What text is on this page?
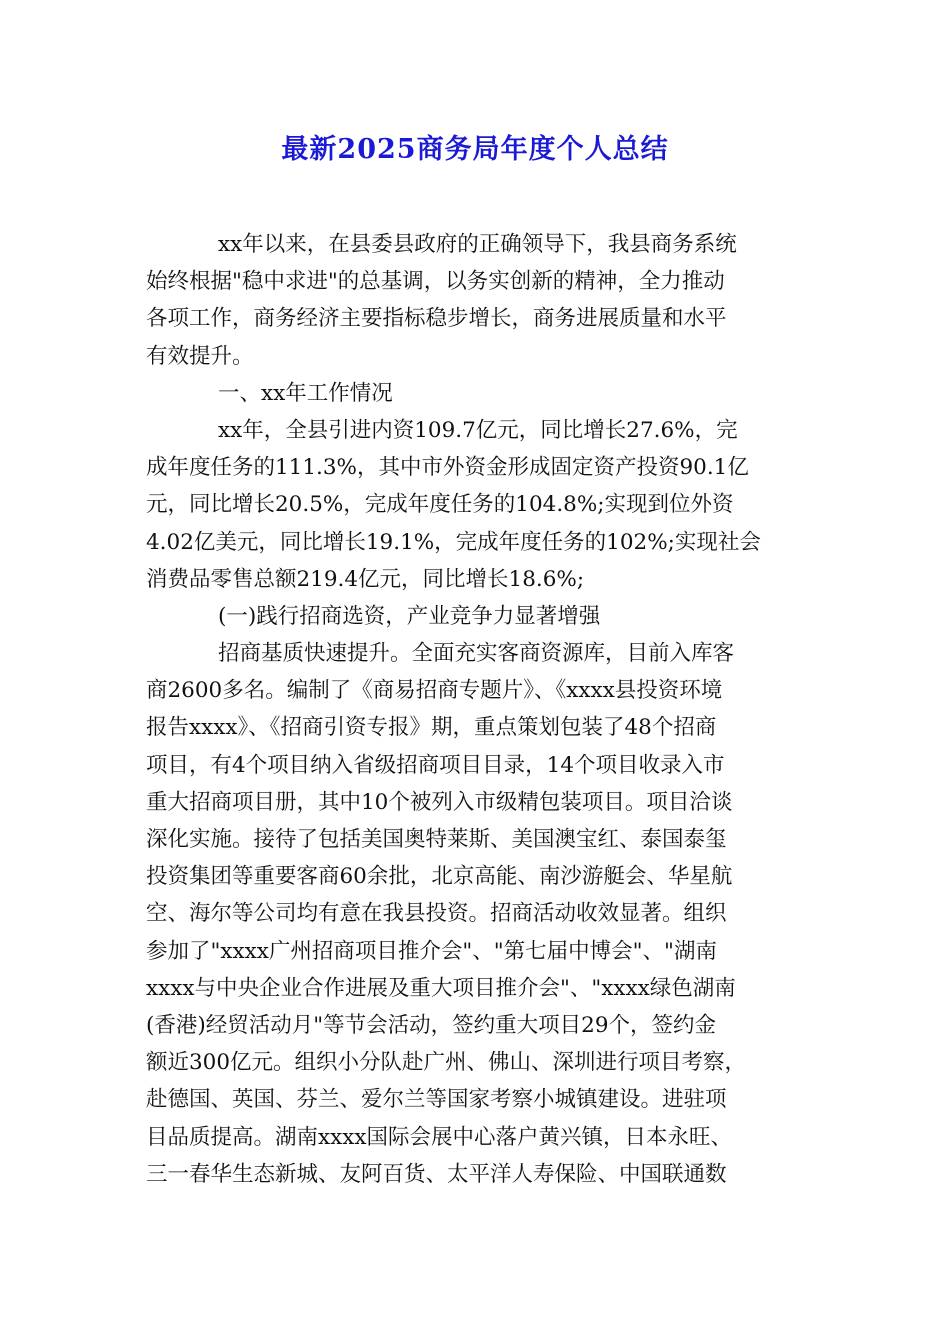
最新2025商务局年度个人总结
xx年以来，在县委县政府的正确领导下，我县商务系统
始终根据"稳中求进"的总基调，以务实创新的精神，全力推动
各项工作，商务经济主要指标稳步增长，商务进展质量和水平
有效提升。
一、xx年工作情况
xx年，全县引进内资109.7亿元，同比增长27.6%，完
成年度任务的111.3%，其中市外资金形成固定资产投资90.1亿
元，同比增长20.5%，完成年度任务的104.8%;实现到位外资
4.02亿美元，同比增长19.1%，完成年度任务的102%;实现社会
消费品零售总额219.4亿元，同比增长18.6%;
(一)践行招商选资，产业竞争力显著增强
招商基质快速提升。全面充实客商资源库，目前入库客
商2600多名。编制了《商易招商专题片》、《xxxx县投资环境
报告xxxx》、《招商引资专报》期，重点策划包装了48个招商
项目，有4个项目纳入省级招商项目目录，14个项目收录入市
重大招商项目册，其中10个被列入市级精包装项目。项目洽谈
深化实施。接待了包括美国奥特莱斯、美国澳宝红、泰国泰玺
投资集团等重要客商60余批，北京高能、南沙游艇会、华星航
空、海尔等公司均有意在我县投资。招商活动收效显著。组织
参加了"xxxx广州招商项目推介会"、"第七届中博会"、"湖南
xxxx与中央企业合作进展及重大项目推介会"、"xxxx绿色湖南
(香港)经贸活动月"等节会活动，签约重大项目29个，签约金
额近300亿元。组织小分队赴广州、佛山、深圳进行项目考察，
赴德国、英国、芬兰、爱尔兰等国家考察小城镇建设。进驻项
目品质提高。湖南xxxx国际会展中心落户黄兴镇，日本永旺、
三一春华生态新城、友阿百货、太平洋人寿保险、中国联通数
